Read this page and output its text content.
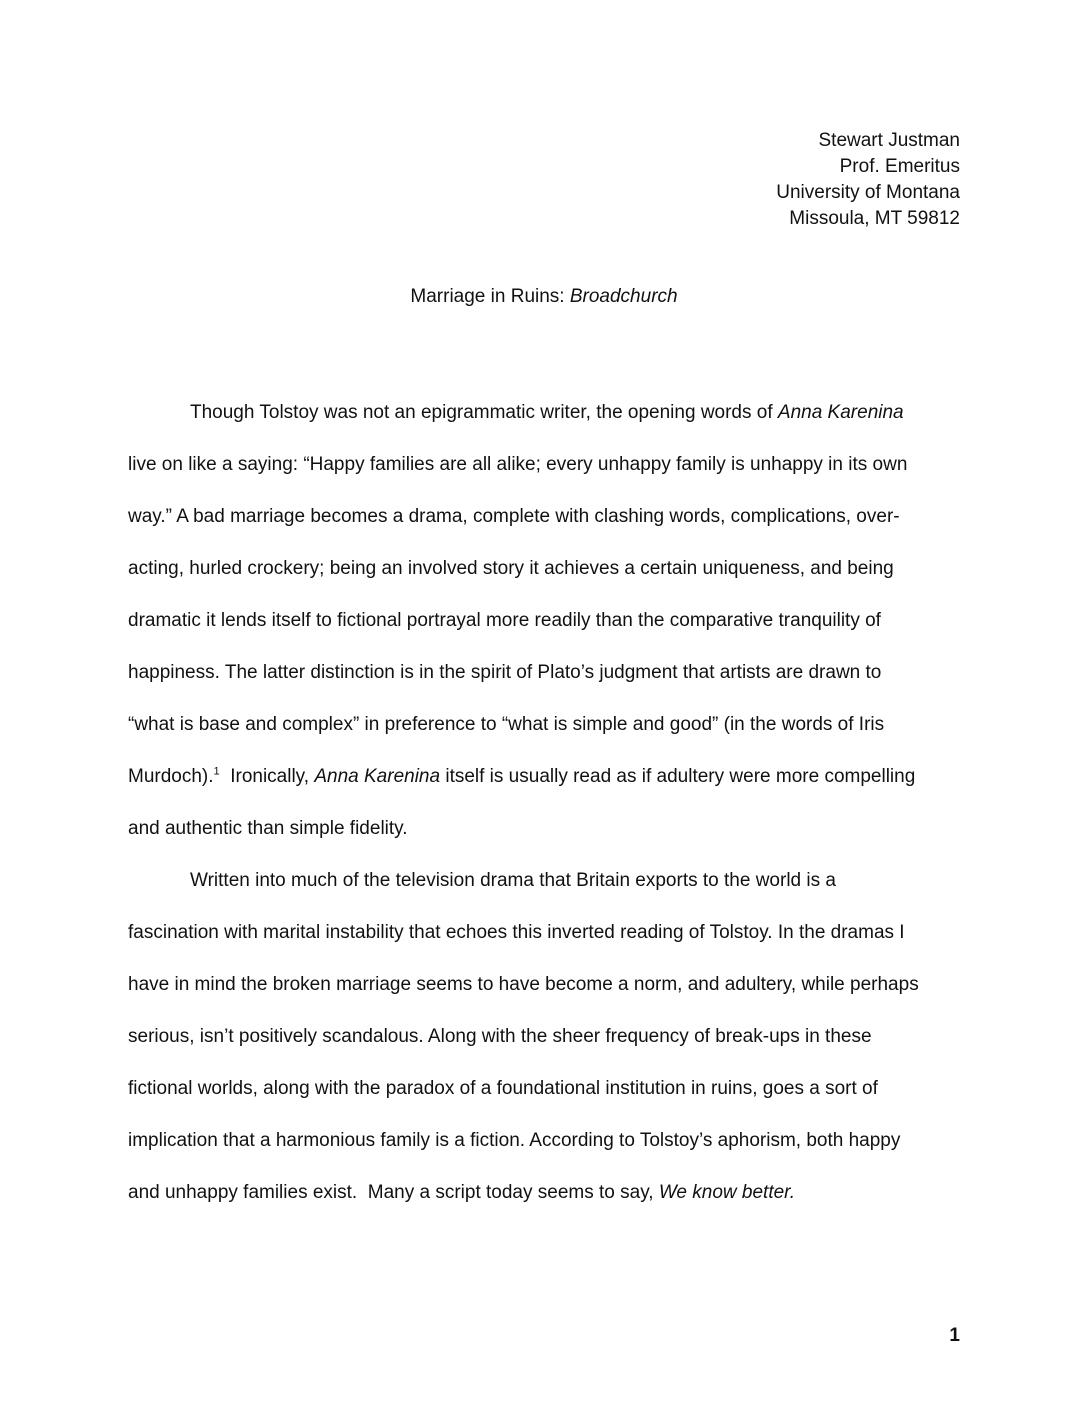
Stewart Justman
Prof. Emeritus
University of Montana
Missoula, MT 59812
Marriage in Ruins: Broadchurch
Though Tolstoy was not an epigrammatic writer, the opening words of Anna Karenina
live on like a saying: “Happy families are all alike; every unhappy family is unhappy in its own
way.” A bad marriage becomes a drama, complete with clashing words, complications, over-
acting, hurled crockery; being an involved story it achieves a certain uniqueness, and being
dramatic it lends itself to fictional portrayal more readily than the comparative tranquility of
happiness. The latter distinction is in the spirit of Plato’s judgment that artists are drawn to
“what is base and complex” in preference to “what is simple and good” (in the words of Iris
Murdoch).$^1$  Ironically, Anna Karenina itself is usually read as if adultery were more compelling
and authentic than simple fidelity.
Written into much of the television drama that Britain exports to the world is a
fascination with marital instability that echoes this inverted reading of Tolstoy. In the dramas I
have in mind the broken marriage seems to have become a norm, and adultery, while perhaps
serious, isn’t positively scandalous. Along with the sheer frequency of break-ups in these
fictional worlds, along with the paradox of a foundational institution in ruins, goes a sort of
implication that a harmonious family is a fiction. According to Tolstoy’s aphorism, both happy
and unhappy families exist.  Many a script today seems to say, We know better.
1
